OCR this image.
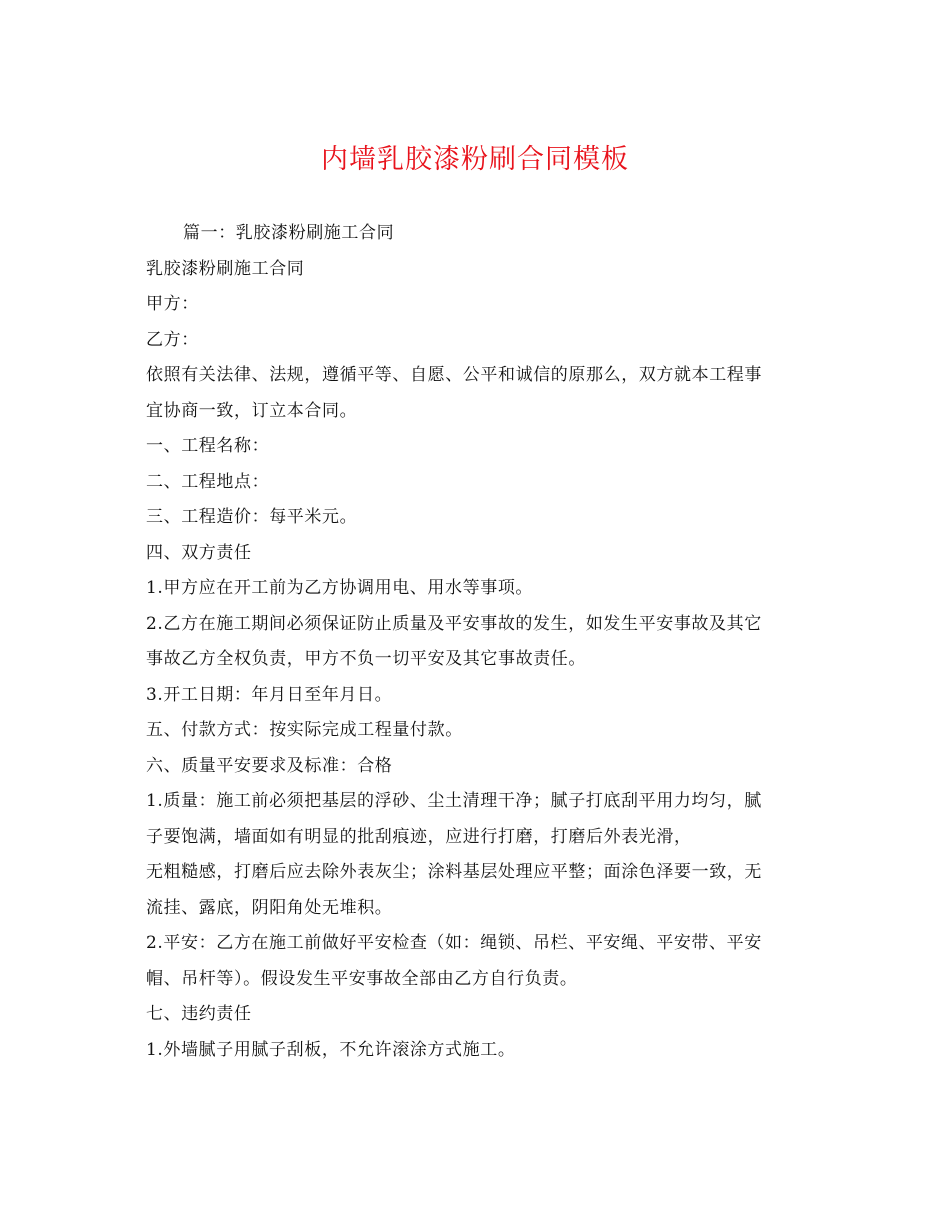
内墙乳胶漆粉刷合同模板

篇一：乳胶漆粉刷施工合同

乳胶漆粉刷施工合同

甲方：

乙方：

依照有关法律、法规，遵循平等、自愿、公平和诚信的原那么，双方就本工程事

宜协商一致，订立本合同。

一、工程名称：

二、工程地点：

三、工程造价：每平米元。

四、双方责任

1.甲方应在开工前为乙方协调用电、用水等事项。

2.乙方在施工期间必须保证防止质量及平安事故的发生，如发生平安事故及其它

事故乙方全权负责，甲方不负一切平安及其它事故责任。

3.开工日期：年月日至年月日。

五、付款方式：按实际完成工程量付款。

六、质量平安要求及标准：合格

1.质量：施工前必须把基层的浮砂、尘土清理干净；腻子打底刮平用力均匀，腻

子要饱满，墙面如有明显的批刮痕迹，应进行打磨，打磨后外表光滑，

无粗糙感，打磨后应去除外表灰尘；涂料基层处理应平整；面涂色泽要一致，无

流挂、露底，阴阳角处无堆积。

2.平安：乙方在施工前做好平安检查（如：绳锁、吊栏、平安绳、平安带、平安

帽、吊杆等）。假设发生平安事故全部由乙方自行负责。

七、违约责任

1.外墙腻子用腻子刮板，不允许滚涂方式施工。
